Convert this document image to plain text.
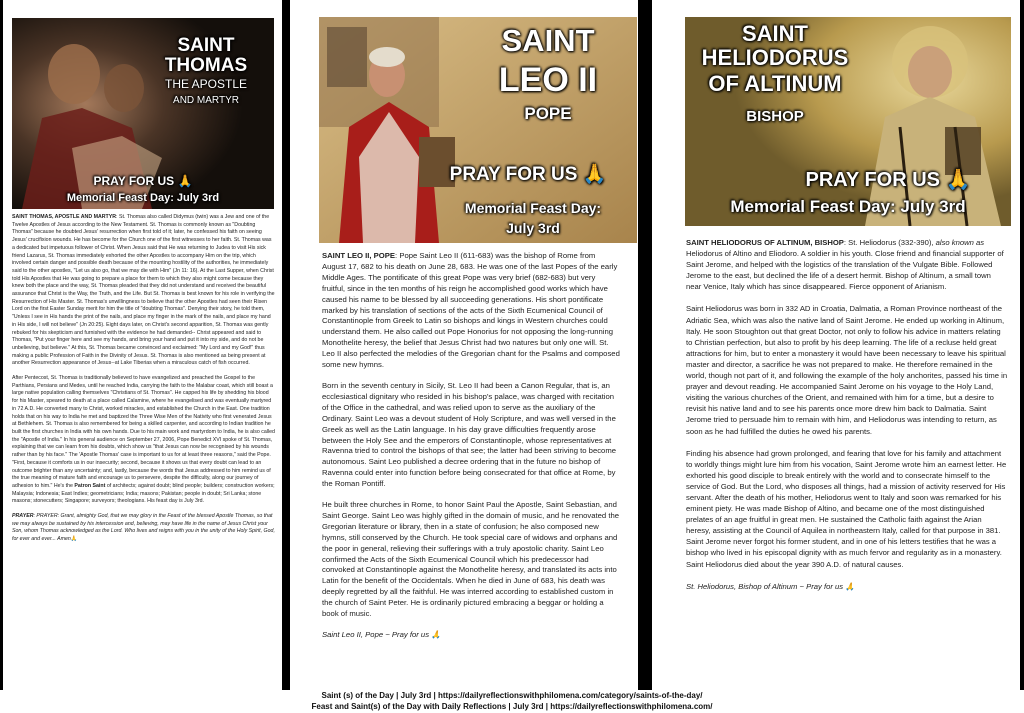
SAINT
THOMAS
THE APOSTLE
AND MARTYR
PRAY FOR US 🙏
Memorial Feast Day: July 3rd

SAINT THOMAS, APOSTLE AND MARTYR: St. Thomas also called Didymus (twin) was a Jew and one of the Twelve Apostles of Jesus according to the New Testament. St. Thomas is commonly known as "Doubting Thomas" because he doubted Jesus' resurrection when first told of it; later, he confessed his faith on seeing Jesus' crucifixion wounds. He has become for the Church one of the first witnesses to her faith. St. Thomas was a dedicated but impetuous follower of Christ. When Jesus said that He was returning to Judea to visit His sick friend Lazarus, St. Thomas immediately exhorted the other Apostles to accompany Him on the trip, which involved certain danger and possible death because of the mounting hostility of the authorities, he immediately said to the other apostles, "Let us also go, that we may die with Him" (Jn 11: 16). At the Last Supper, when Christ told His Apostles that He was going to prepare a place for them to which they also might come because they knew both the place and the way, St. Thomas pleaded that they did not understand and received the beautiful assurance that Christ is the Way, the Truth, and the Life. But St. Thomas is best known for his role in verifying the Resurrection of His Master. St. Thomas's unwillingness to believe that the other Apostles had seen their Risen Lord on the first Easter Sunday merit for him the title of "doubting Thomas". Denying their story, he told them, "Unless I see in His hands the print of the nails, and place my finger in the mark of the nails, and place my hand in His side, I will not believe" (Jn 20:25). Eight days later, on Christ's second apparition, St. Thomas was gently rebuked for his skepticism and furnished with the evidence he had demanded-- Christ appeared and said to Thomas, "Put your finger here and see my hands, and bring your hand and put it into my side, and do not be unbelieving, but believe." At this, St. Thomas became convinced and exclaimed: "My Lord and my God!" thus making a public Profession of Faith in the Divinity of Jesus. St. Thomas is also mentioned as being present at another Resurrection appearance of Jesus--at Lake Tiberias when a miraculous catch of fish occurred.

After Pentecost, St. Thomas is traditionally believed to have evangelized and preached the Gospel to the Parthians, Persians and Medes, until he reached India, carrying the faith to the Malabar coast, which still boast a large native population calling themselves "Christians of St. Thomas". He capped his life by shedding his blood for his Master, speared to death at a place called Calamine, where he evangelised and was eventually martyred in 72 A.D. He converted many to Christ, worked miracles, and established the Church in the East. One tradition holds that on his way to India he met and baptized the Three Wise Men of the Nativity who first venerated Jesus at Bethlehem. St. Thomas is also remembered for being a skilled carpenter, and according to Indian tradition he built the first churches in India with his own hands. Due to his main work and martyrdom to India, he is also called the "Apostle of India." In his general audience on September 27, 2006, Pope Benedict XVI spoke of St. Thomas, explaining that we can learn from his doubts, which show us "that Jesus can now be recognised by his wounds rather than by his face." The 'Apostle Thomas' case is important to us for at least three reasons," said the Pope. "First, because it comforts us in our insecurity; second, because it shows us that every doubt can lead to an outcome brighter than any uncertainty; and, lastly, because the words that Jesus addressed to him remind us of the true meaning of mature faith and encourage us to persevere, despite the difficulty, along our journey of adhesion to him." He's the Patron Saint of architects; against doubt; blind people; builders; construction workers; Malaysia; Indonesia; East Indies; geometricians; India; masons; Pakistan; people in doubt; Sri Lanka; stone masons; stonecutters; Singapore; surveyors; theologians. His feast day is July 3rd.

PRAYER: PRAYER: Grant, almighty God, that we may glory in the Feast of the blessed Apostle Thomas, so that we may always be sustained by his intercession and, believing, may have life in the name of Jesus Christ your Son, whom Thomas acknowledged as the Lord. Who lives and reigns with you in the unity of the Holy Spirit, God, for ever and ever... Amen🙏

SAINT
LEO II
POPE
PRAY FOR US 🙏
Memorial Feast Day:
July 3rd

SAINT LEO II, POPE: Pope Saint Leo II (611-683) was the bishop of Rome from August 17, 682 to his death on June 28, 683. He was one of the last Popes of the early Middle Ages. The pontificate of this great Pope was very brief (682-683) but very fruitful, since in the ten months of his reign he accomplished good works which have caused his name to be blessed by all succeeding generations. His short pontificate marked by his translation of sections of the acts of the Sixth Ecumenical Council of Constantinople from Greek to Latin so bishops and kings in Western churches could understand them. He also called out Pope Honorius for not opposing the long-running Monothelite heresy, the belief that Jesus Christ had two natures but only one will. St. Leo II also perfected the melodies of the Gregorian chant for the Psalms and composed some new hymns.

Born in the seventh century in Sicily, St. Leo II had been a Canon Regular, that is, an ecclesiastical dignitary who resided in his bishop's palace, was charged with recitation of the Office in the cathedral, and was relied upon to serve as the auxiliary of the Ordinary. Saint Leo was a devout student of Holy Scripture, and was well versed in the Greek as well as the Latin language. In his day grave difficulties frequently arose between the Holy See and the emperors of Constantinople, whose representatives at Ravenna tried to control the bishops of that see; the latter had been striving to become autonomous. Saint Leo published a decree ordering that in the future no bishop of Ravenna could enter into function before being consecrated for that office at Rome, by the Roman Pontiff.

He built three churches in Rome, to honor Saint Paul the Apostle, Saint Sebastian, and Saint George. Saint Leo was highly gifted in the domain of music, and he renovated the Gregorian literature or library, then in a state of confusion; he also composed new hymns, still conserved by the Church. He took special care of widows and orphans and the poor in general, relieving their sufferings with a truly apostolic charity. Saint Leo confirmed the Acts of the Sixth Ecumenical Council which his predecessor had convoked at Constantinople against the Monothelite heresy, and translated its acts into Latin for the benefit of the Occidentals. When he died in June of 683, his death was deeply regretted by all the faithful. He was interred according to established custom in the church of Saint Peter. He is ordinarily pictured embracing a beggar or holding a book of music.

Saint Leo II, Pope ~ Pray for us 🙏

SAINT
HELIODORUS
OF ALTINUM
BISHOP
PRAY FOR US 🙏
Memorial Feast Day: July 3rd

SAINT HELIODORUS OF ALTINUM, BISHOP: St. Heliodorus (332-390), also known as Heliodorus of Altino and Eliodoro. A soldier in his youth. Close friend and financial supporter of Saint Jerome, and helped with the logistics of the translation of the Vulgate Bible. Followed Jerome to the east, but declined the life of a desert hermit. Bishop of Altinum, a small town near Venice, Italy which has since disappeared. Fierce opponent of Arianism.

Saint Heliodorus was born in 332 AD in Croatia, Dalmatia, a Roman Province northeast of the Adriatic Sea, which was also the native land of Saint Jerome. He ended up working in Altinum, Italy. He soon Stoughton out that great Doctor, not only to follow his advice in matters relating to Christian perfection, but also to profit by his deep learning. The life of a recluse held great attractions for him, but to enter a monastery it would have been necessary to leave his spiritual master and director, a sacrifice he was not prepared to make. He therefore remained in the world, though not part of it, and following the example of the holy anchorites, passed his time in prayer and devout reading. He accompanied Saint Jerome on his voyage to the Holy Land, visiting the various churches of the Orient, and remained with him for a time, but a desire to revisit his native land and to see his parents once more drew him back to Dalmatia. Saint Jerome tried to persuade him to remain with him, and Heliodorus was intending to return, as soon as he had fulfilled the duties he owed his parents.

Finding his absence had grown prolonged, and fearing that love for his family and attachment to worldly things might lure him from his vocation, Saint Jerome wrote him an earnest letter. He exhorted his good disciple to break entirely with the world and to consecrate himself to the service of God. But the Lord, who disposes all things, had a mission of activity reserved for His servant. After the death of his mother, Heliodorus went to Italy and soon was remarked for his eminent piety. He was made Bishop of Altino, and became one of the most distinguished prelates of an age fruitful in great men. He sustained the Catholic faith against the Arian heresy, assisting at the Council of Aquilea in northeastern Italy, called for that purpose in 381. Saint Jerome never forgot his former student, and in one of his letters testifies that he was a bishop who lived in his episcopal dignity with as much fervor and regularity as in a monastery. Saint Heliodorus died about the year 390 A.D. of natural causes.

St. Heliodorus, Bishop of Altinum ~ Pray for us 🙏

Saint (s) of the Day | July 3rd | https://dailyreflectionswithphilomena.com/category/saints-of-the-day/
Feast and Saint(s) of the Day with Daily Reflections | July 3rd | https://dailyreflectionswithphilomena.com/
